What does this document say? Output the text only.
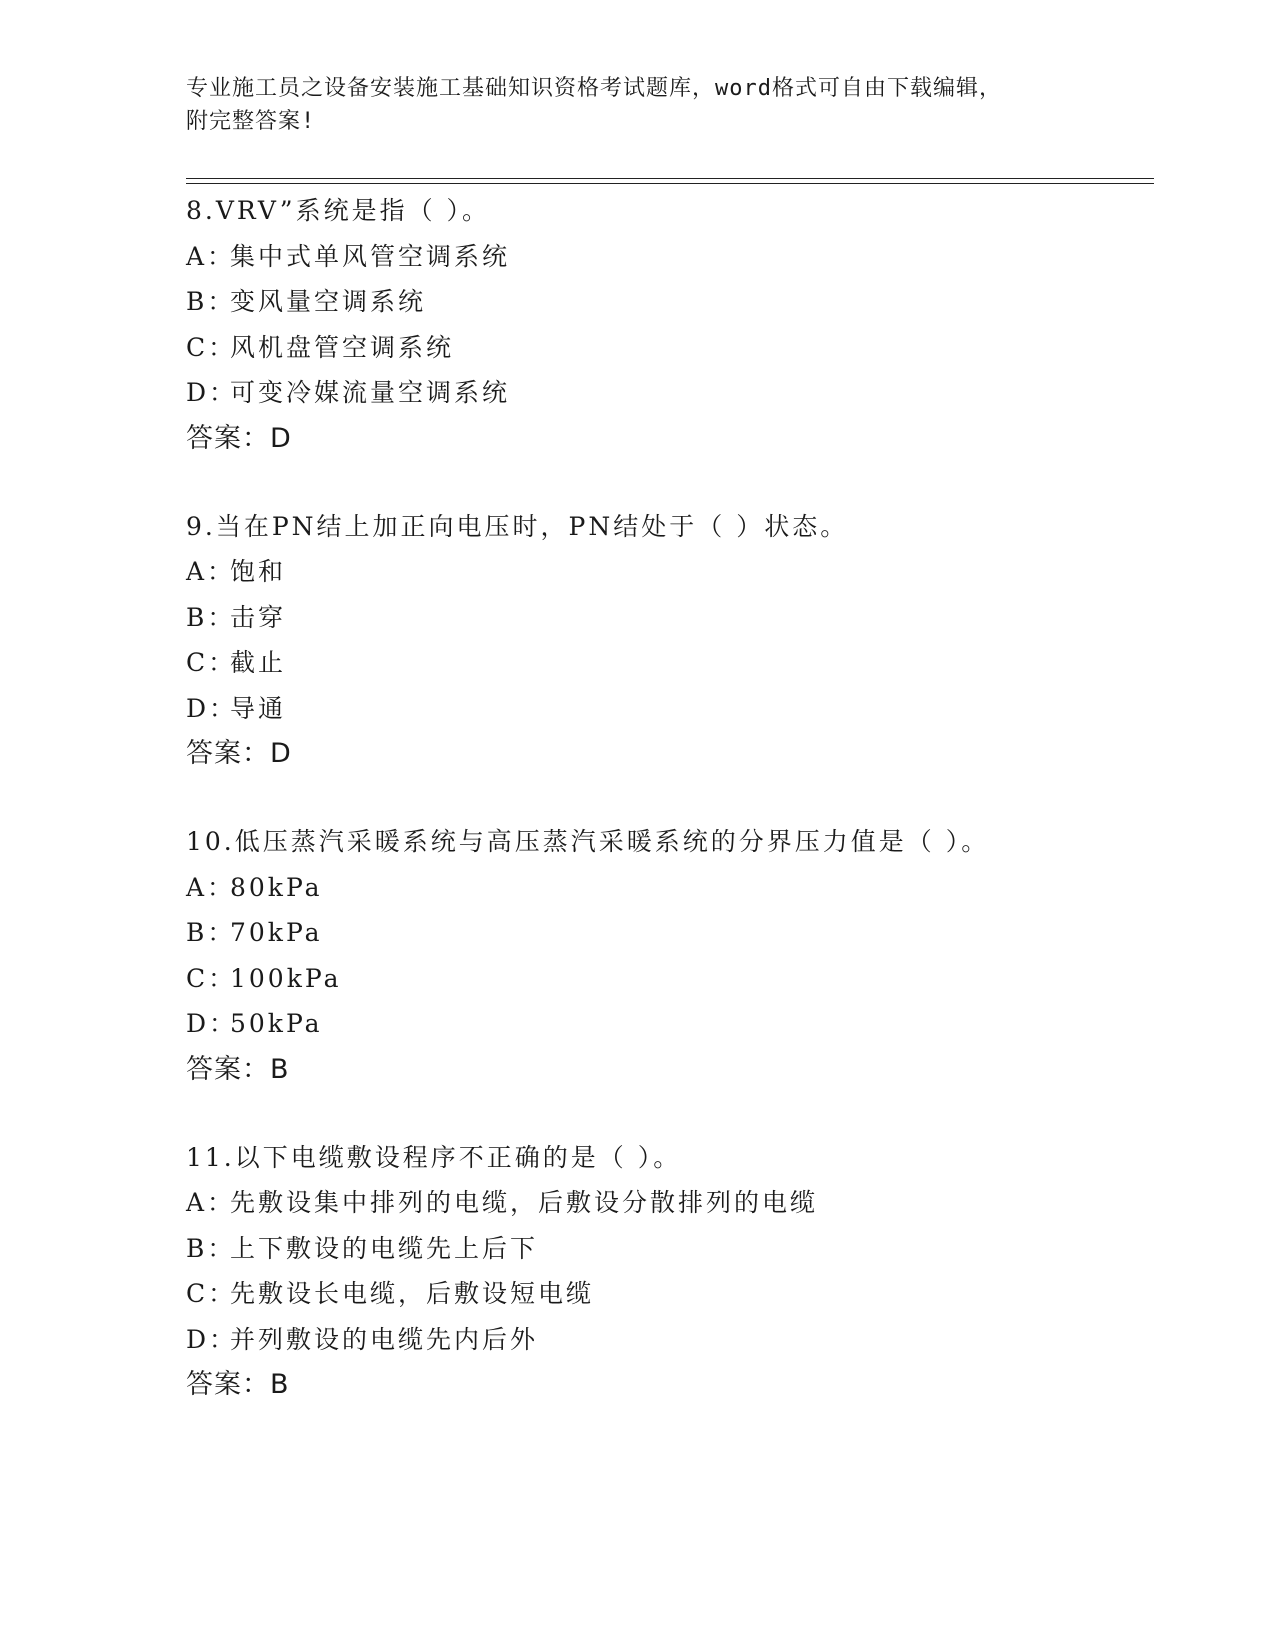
专业施工员之设备安装施工基础知识资格考试题库，word格式可自由下载编辑，
附完整答案!
8.VRV”系统是指（ ）。
A：集中式单风管空调系统
B：变风量空调系统
C：风机盘管空调系统
D：可变冷媒流量空调系统
答案：D
9.当在PN结上加正向电压时，PN结处于（ ）状态。
A：饱和
B：击穿
C：截止
D：导通
答案：D
10.低压蒸汽采暖系统与高压蒸汽采暖系统的分界压力值是（ ）。
A：80kPa
B：70kPa
C：100kPa
D：50kPa
答案：B
11.以下电缆敷设程序不正确的是（ ）。
A：先敷设集中排列的电缆，后敷设分散排列的电缆
B：上下敷设的电缆先上后下
C：先敷设长电缆，后敷设短电缆
D：并列敷设的电缆先内后外
答案：B
